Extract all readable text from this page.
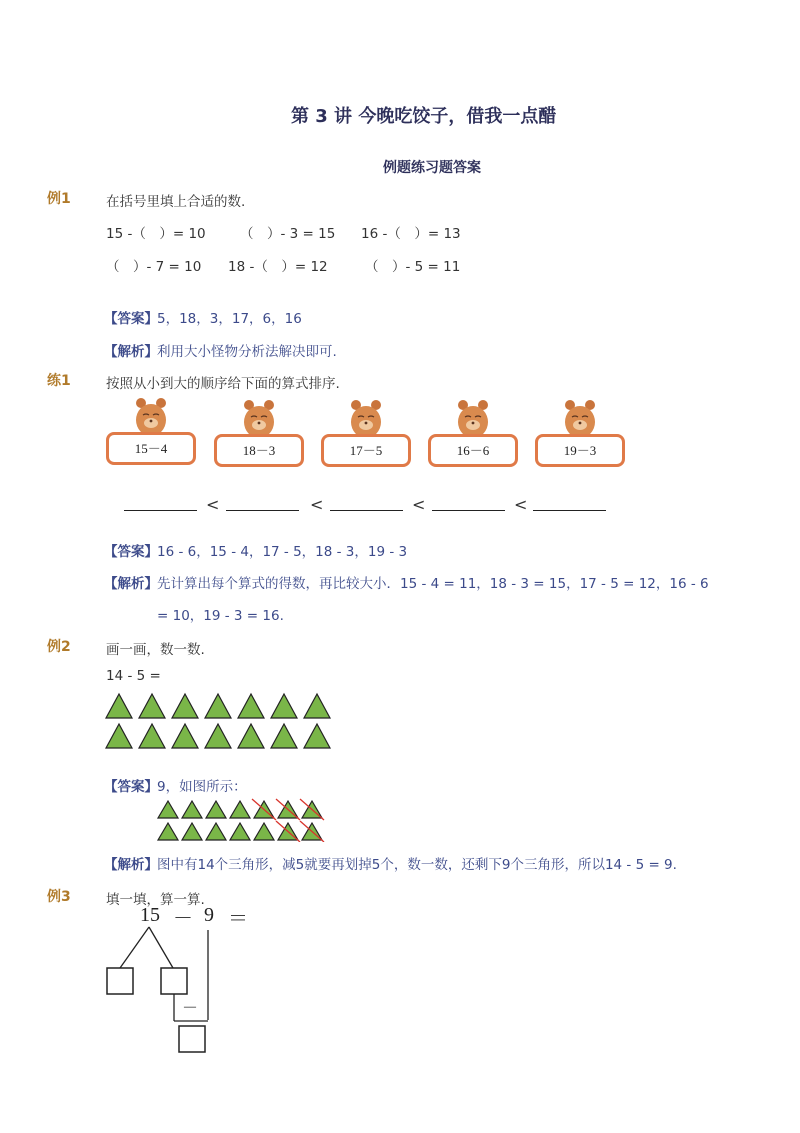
第 3 讲 今晚吃饺子，借我一点醋
例题练习题答案
例1	在括号里填上合适的数.
15 -（　）= 10	（　）- 3 = 15 16 -（　）= 13
（　）- 7 = 10 18 -（　）= 12	（　）- 5 = 11
【答案】 5，18，3，17，6，16
【解析】 利用大小怪物分析法解决即可.
练1	按照从小到大的顺序给下面的算式排序.
15－4	18－3	17－5	16－6	19－3
<	<	<	<
【答案】 16 - 6，15 - 4，17 - 5，18 - 3，19 - 3
【解析】 先计算出每个算式的得数，再比较大小．15 - 4 = 11，18 - 3 = 15，17 - 5 = 12，16 - 6
= 10，19 - 3 = 16.
例2	画一画，数一数.
14 - 5 =
【答案】 9，如图所示：
【解析】 图中有14个三角形，减5就要再划掉5个，数一数，还剩下9个三角形，所以14 - 5 = 9.
例3	填一填，算一算.
15 － 9 ＝
－
